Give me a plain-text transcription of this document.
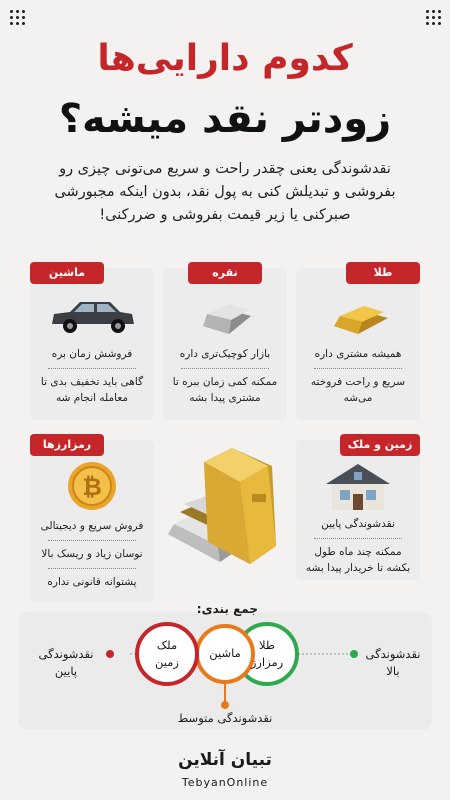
کدوم دارایی‌ها
زودتر نقد میشه؟
نقدشوندگی یعنی چقدر راحت و سریع می‌تونی چیزی رو
بفروشی و تبدیلش کنی به پول نقد، بدون اینکه مجبورشی
صبرکنی یا زیر قیمت بفروشی و ضررکنی!
طلا
همیشه مشتری داره
سریع و راحت فروخته
می‌شه
نقره
بازار کوچیک‌تری داره
ممکنه کمی زمان ببره تا
مشتری پیدا بشه
ماشین
فروشش زمان بره
گاهی باید تخفیف بدی تا
معامله انجام شه
رمزارزها
₿
فروش سریع و دیجیتالی
نوسان زیاد و ریسک بالا
پشتوانه قانونی نداره
زمین و ملک
نقدشوندگی پایین
ممکنه چند ماه طول
بکشه تا خریدار پیدا بشه
جمع بندی:
نقدشوندگی
بالا
نقدشوندگی
پایین
نقدشوندگی متوسط
طلا
رمزارز
ماشین
ملک
زمین
تبیان آنلاین
TebyanOnline
